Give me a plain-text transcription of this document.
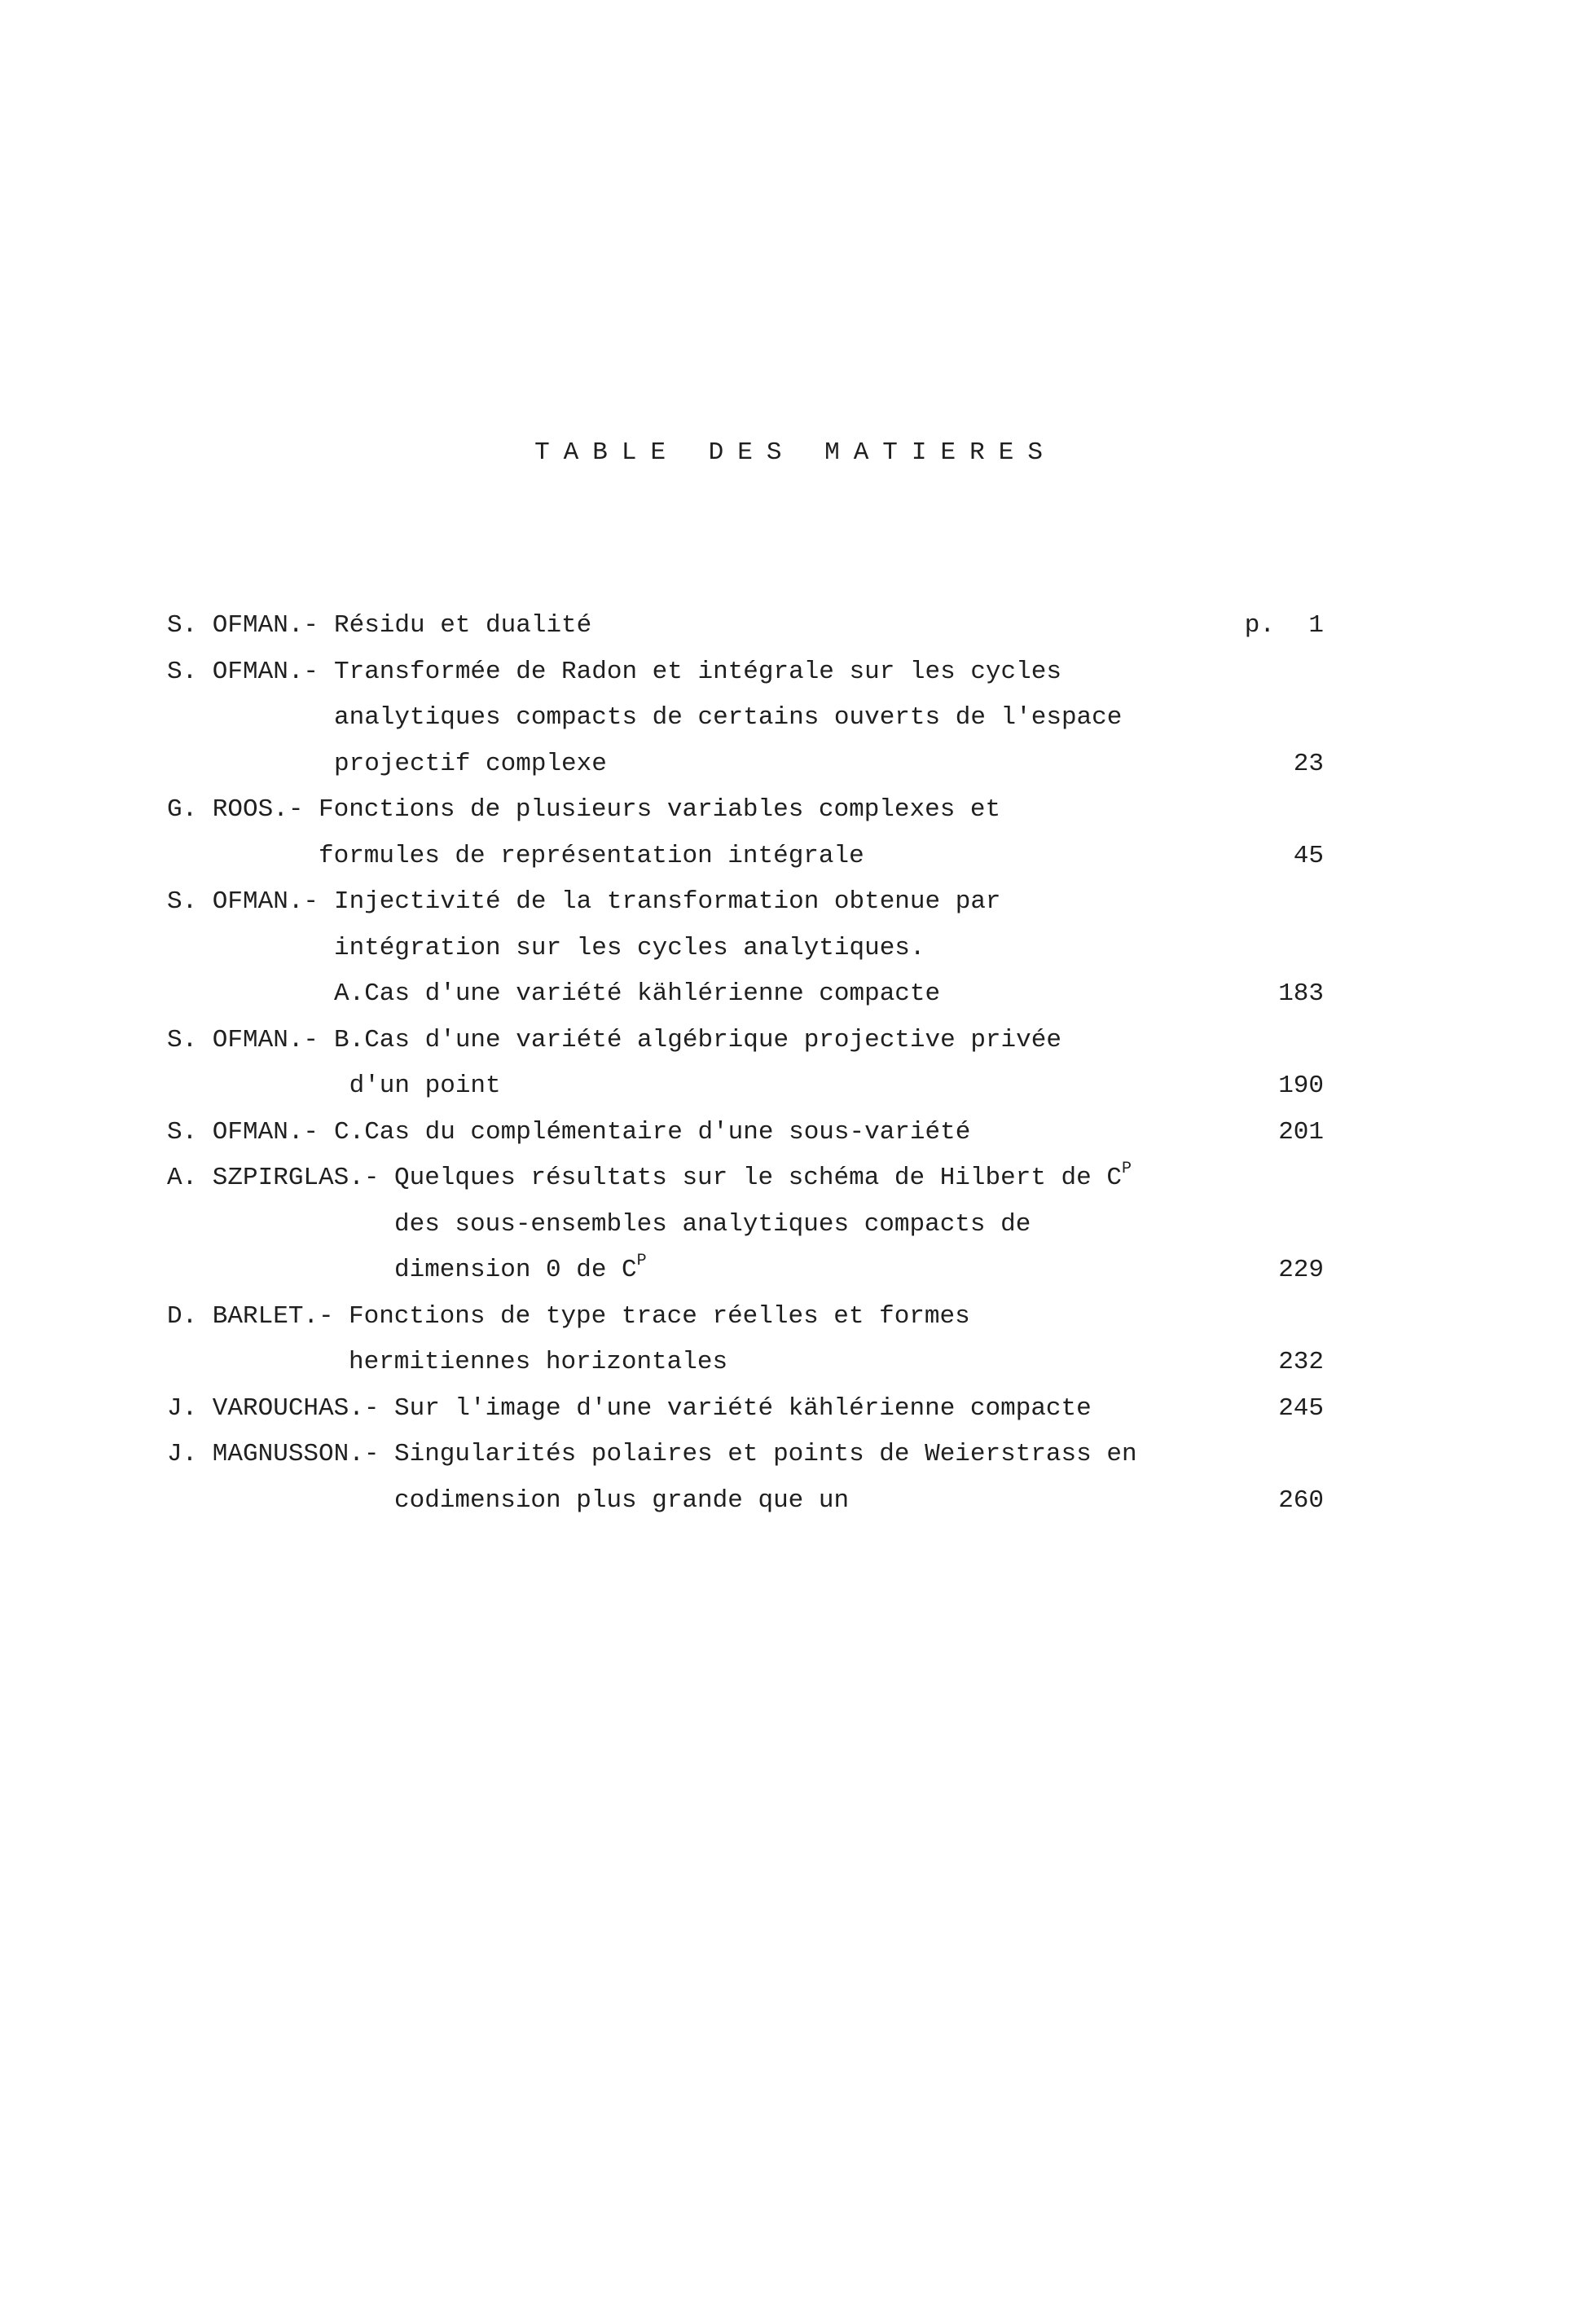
TABLE DES MATIERES
S. OFMAN.- Résidu et dualité	p. 1
S. OFMAN.- Transformée de Radon et intégrale sur les cycles
analytiques compacts de certains ouverts de l'espace
projectif complexe	23
G. ROOS.- Fonctions de plusieurs variables complexes et
formules de représentation intégrale	45
S. OFMAN.- Injectivité de la transformation obtenue par
intégration sur les cycles analytiques.
A.Cas d'une variété kählérienne compacte	183
S. OFMAN.- B.Cas d'une variété algébrique projective privée
d'un point	190
S. OFMAN.- C.Cas du complémentaire d'une sous-variété	201
A. SZPIRGLAS.- Quelques résultats sur le schéma de Hilbert de $C^P$
des sous-ensembles analytiques compacts de
dimension 0 de $C^P$	229
D. BARLET.- Fonctions de type trace réelles et formes
hermitiennes horizontales	232
J. VAROUCHAS.- Sur l'image d'une variété kählérienne compacte	245
J. MAGNUSSON.- Singularités polaires et points de Weierstrass en
codimension plus grande que un	260
